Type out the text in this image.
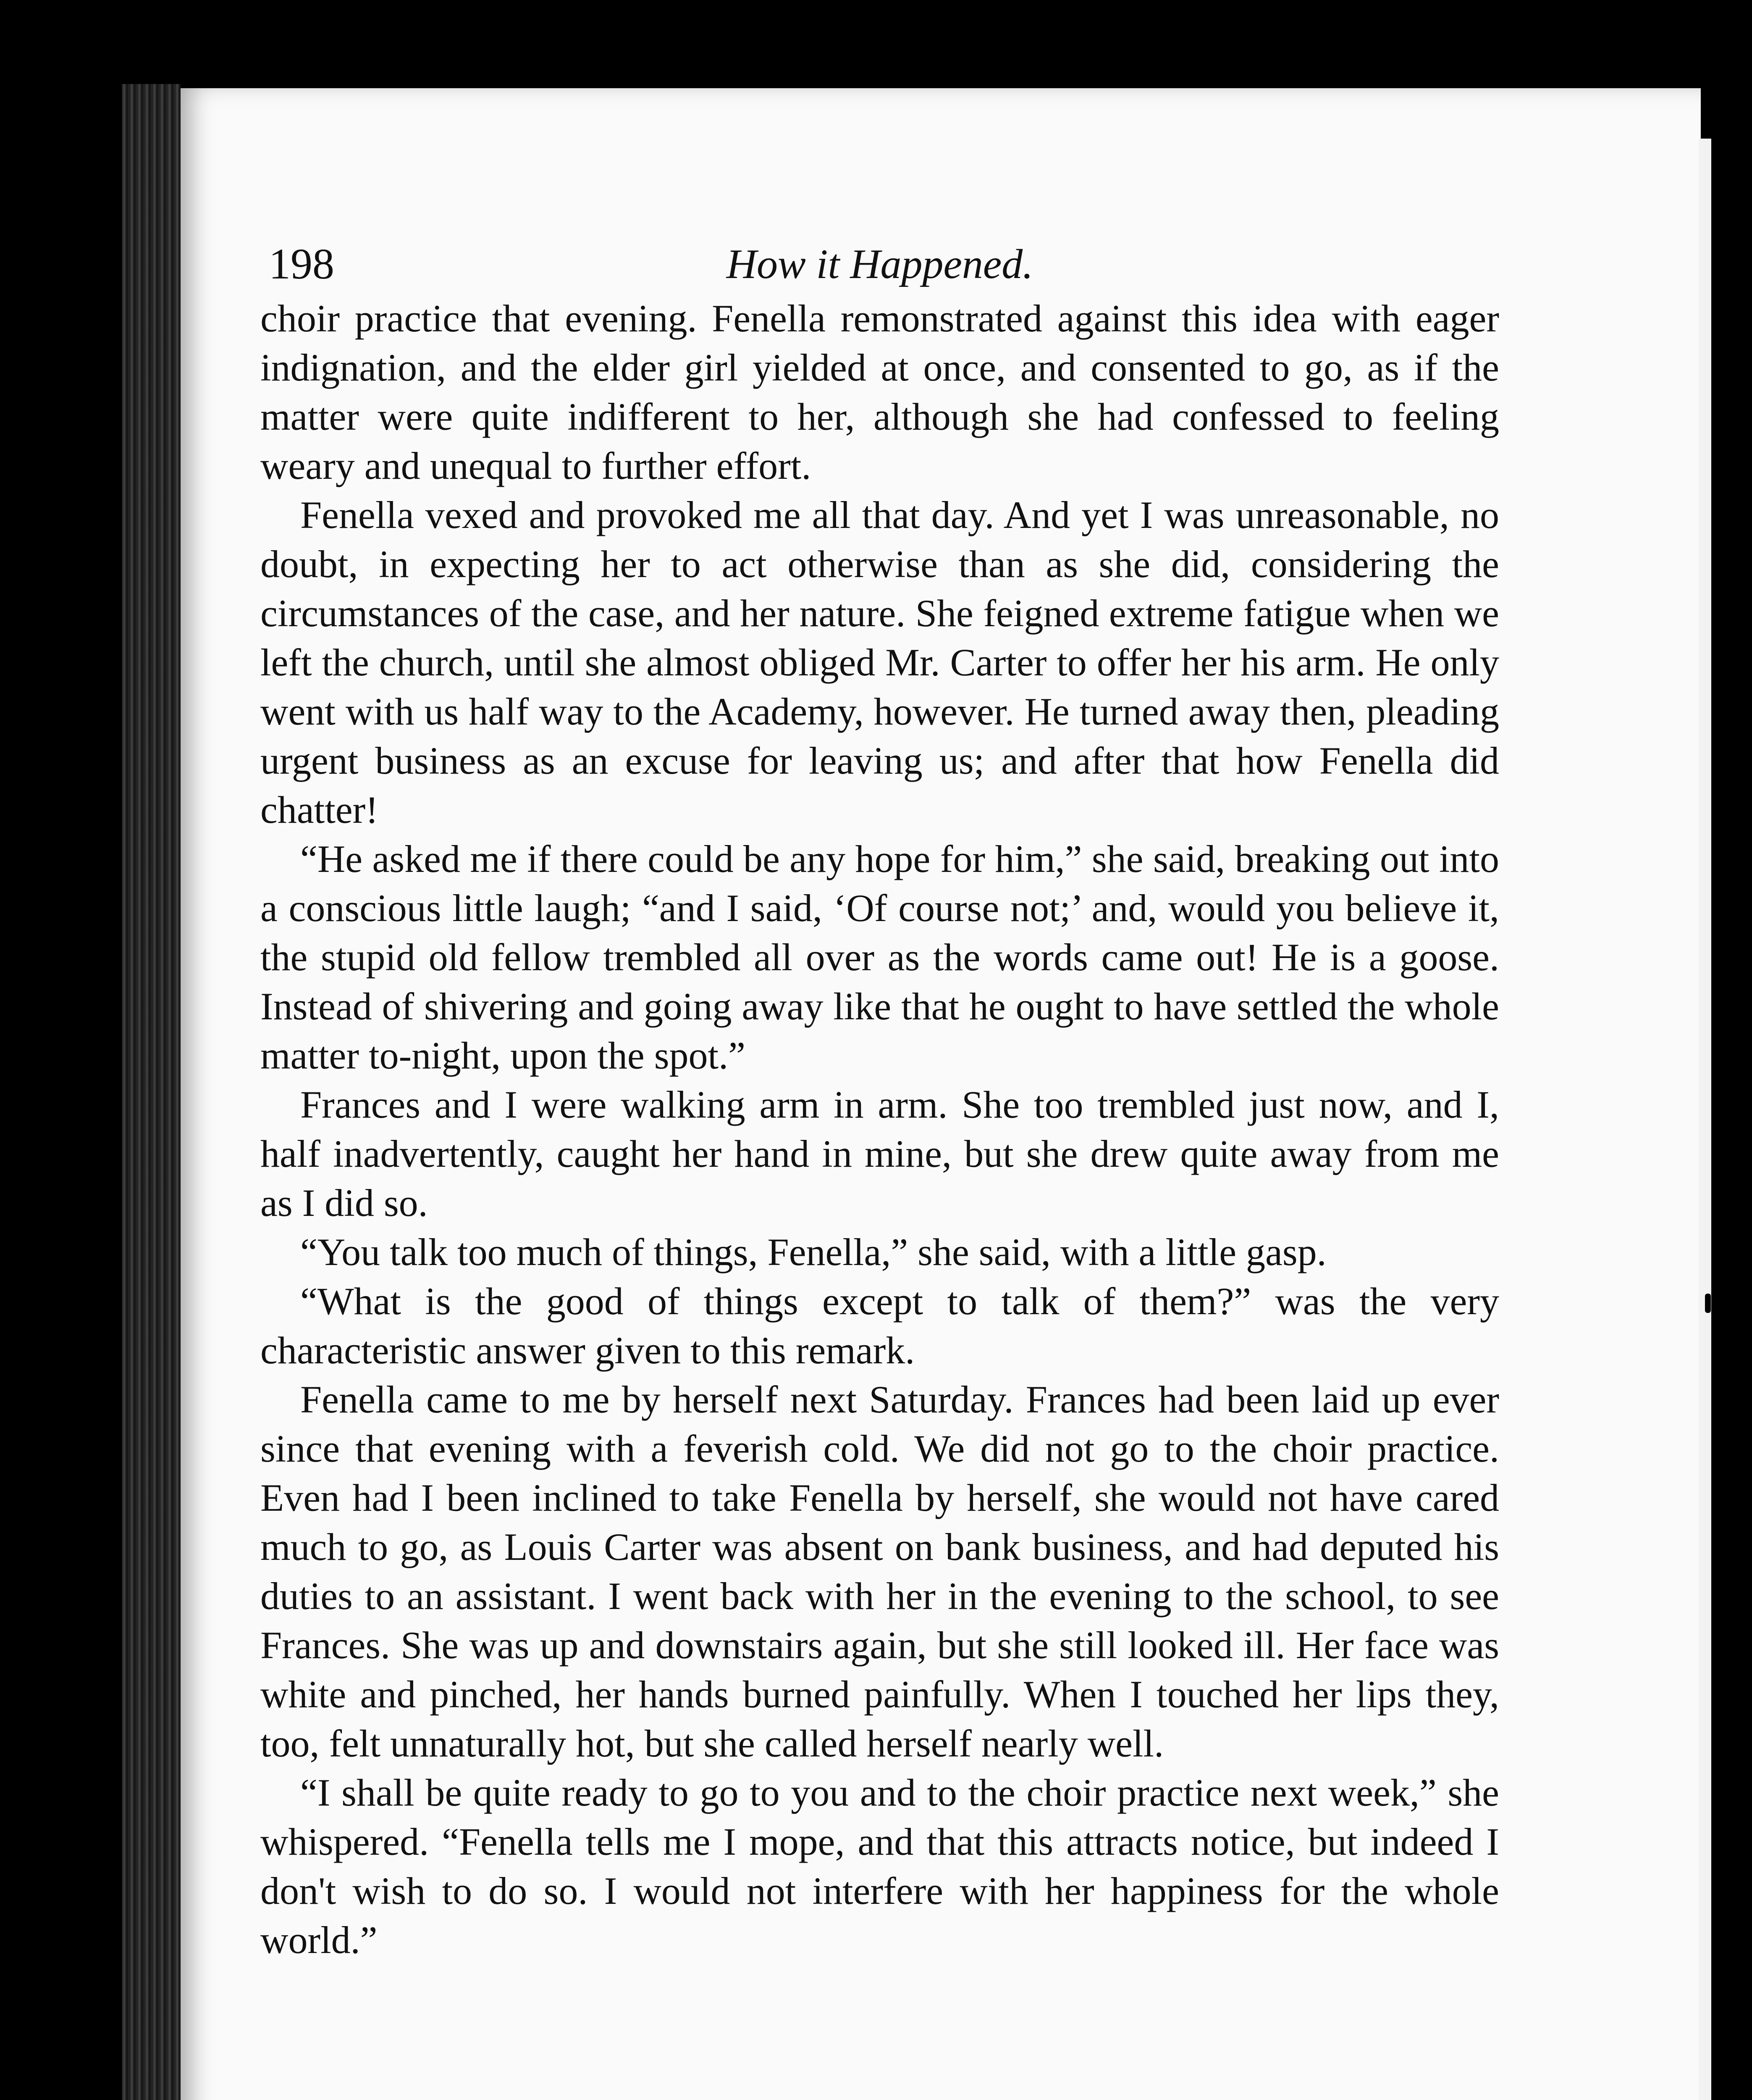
198	How it Happened.

choir practice that evening. Fenella remonstrated against this idea with eager indignation, and the elder girl yielded at once, and consented to go, as if the matter were quite indifferent to her, although she had confessed to feeling weary and unequal to further effort.

Fenella vexed and provoked me all that day. And yet I was unreasonable, no doubt, in expecting her to act otherwise than as she did, considering the circumstances of the case, and her nature. She feigned extreme fatigue when we left the church, until she almost obliged Mr. Carter to offer her his arm. He only went with us half way to the Academy, however. He turned away then, pleading urgent business as an excuse for leaving us; and after that how Fenella did chatter!

“He asked me if there could be any hope for him,” she said, breaking out into a conscious little laugh; “and I said, ‘Of course not;’ and, would you believe it, the stupid old fellow trembled all over as the words came out! He is a goose. Instead of shivering and going away like that he ought to have settled the whole matter to-night, upon the spot.”

Frances and I were walking arm in arm. She too trembled just now, and I, half inadvertently, caught her hand in mine, but she drew quite away from me as I did so.

“You talk too much of things, Fenella,” she said, with a little gasp.

“What is the good of things except to talk of them?” was the very characteristic answer given to this remark.

Fenella came to me by herself next Saturday. Frances had been laid up ever since that evening with a feverish cold. We did not go to the choir practice. Even had I been inclined to take Fenella by herself, she would not have cared much to go, as Louis Carter was absent on bank business, and had deputed his duties to an assistant. I went back with her in the evening to the school, to see Frances. She was up and downstairs again, but she still looked ill. Her face was white and pinched, her hands burned painfully. When I touched her lips they, too, felt unnaturally hot, but she called herself nearly well.

“I shall be quite ready to go to you and to the choir practice next week,” she whispered. “Fenella tells me I mope, and that this attracts notice, but indeed I don't wish to do so. I would not interfere with her happiness for the whole world.”
